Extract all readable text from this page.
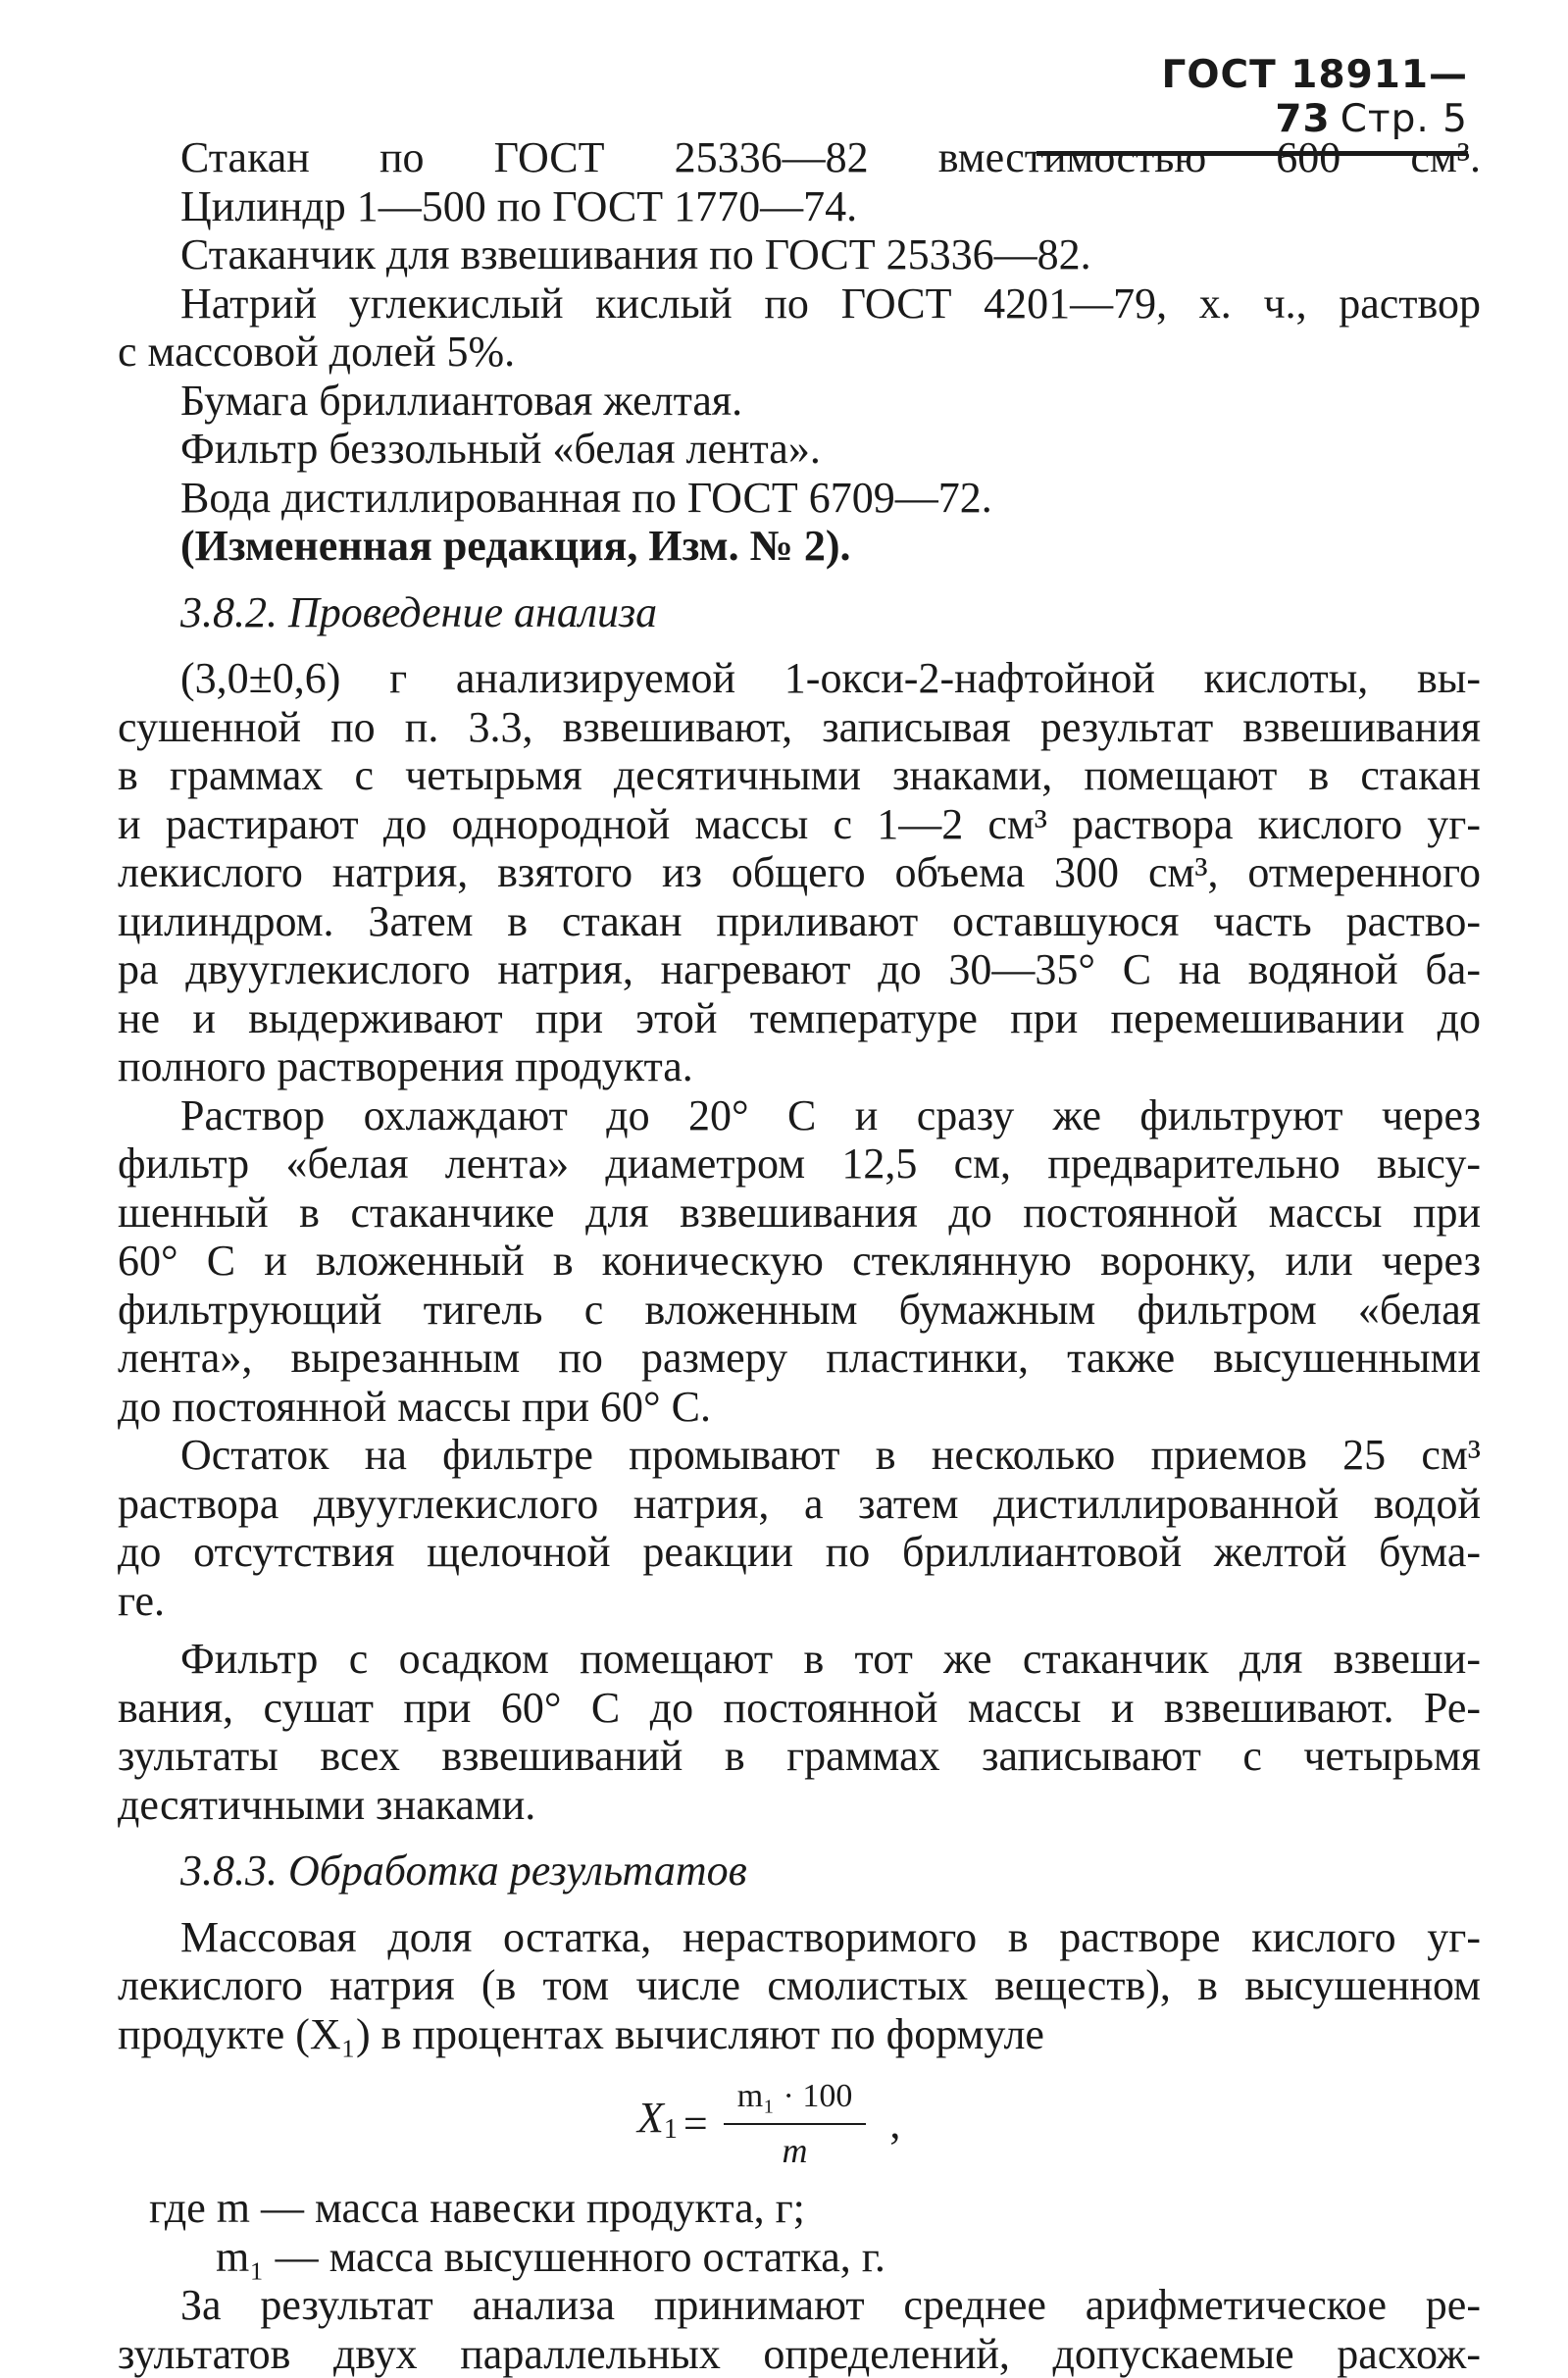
ГОСТ 18911—73 Стр. 5
Стакан по ГОСТ 25336—82 вместимостью 600 см³.
Цилиндр 1—500 по ГОСТ 1770—74.
Стаканчик для взвешивания по ГОСТ 25336—82.
Натрий углекислый кислый по ГОСТ 4201—79, х. ч., раствор
с массовой долей 5%.
Бумага бриллиантовая желтая.
Фильтр беззольный «белая лента».
Вода дистиллированная по ГОСТ 6709—72.
(Измененная редакция, Изм. № 2).
3.8.2. Проведение анализа
(3,0±0,6) г анализируемой 1-окси-2-нафтойной кислоты, вы-
сушенной по п. 3.3, взвешивают, записывая результат взвешивания
в граммах с четырьмя десятичными знаками, помещают в стакан
и растирают до однородной массы с 1—2 см³ раствора кислого уг-
лекислого натрия, взятого из общего объема 300 см³, отмеренного
цилиндром. Затем в стакан приливают оставшуюся часть раство-
ра двууглекислого натрия, нагревают до 30—35° С на водяной ба-
не и выдерживают при этой температуре при перемешивании до
полного растворения продукта.
Раствор охлаждают до 20° С и сразу же фильтруют через
фильтр «белая лента» диаметром 12,5 см, предварительно высу-
шенный в стаканчике для взвешивания до постоянной массы при
60° С и вложенный в коническую стеклянную воронку, или через
фильтрующий тигель с вложенным бумажным фильтром «белая
лента», вырезанным по размеру пластинки, также высушенными
до постоянной массы при 60° С.
Остаток на фильтре промывают в несколько приемов 25 см³
раствора двууглекислого натрия, а затем дистиллированной водой
до отсутствия щелочной реакции по бриллиантовой желтой бума-
ге.
Фильтр с осадком помещают в тот же стаканчик для взвеши-
вания, сушат при 60° С до постоянной массы и взвешивают. Ре-
зультаты всех взвешиваний в граммах записывают с четырьмя
десятичными знаками.
3.8.3. Обработка результатов
Массовая доля остатка, нерастворимого в растворе кислого уг-
лекислого натрия (в том числе смолистых веществ), в высушенном
продукте (X₁) в процентах вычисляют по формуле
$X1 = \frac{\text{m₁ · 100}}{m}$ ,
где m — масса навески продукта, г;
m₁ — масса высушенного остатка, г.
За результат анализа принимают среднее арифметическое ре-
зультатов двух параллельных определений, допускаемые расхож-
